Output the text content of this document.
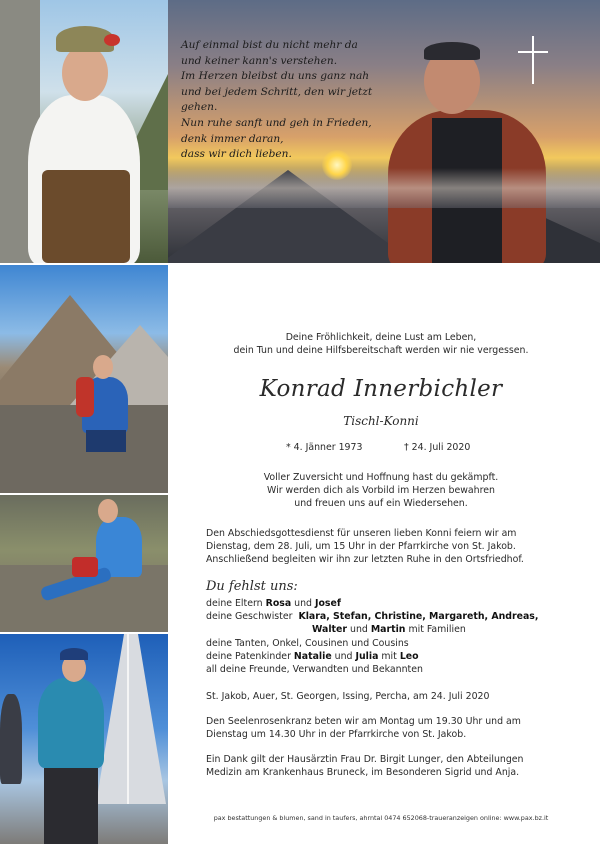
Auf einmal bist du nicht mehr da
und keiner kann's verstehen.
Im Herzen bleibst du uns ganz nah
und bei jedem Schritt, den wir jetzt gehen.
Nun ruhe sanft und geh in Frieden,
denk immer daran,
dass wir dich lieben.
Deine Fröhlichkeit, deine Lust am Leben,
dein Tun und deine Hilfsbereitschaft werden wir nie vergessen.
Konrad Innerbichler
Tischl-Konni
* 4. Jänner 1973	† 24. Juli 2020
Voller Zuversicht und Hoffnung hast du gekämpft.
Wir werden dich als Vorbild im Herzen bewahren
und freuen uns auf ein Wiedersehen.
Den Abschiedsgottesdienst für unseren lieben Konni feiern wir am
Dienstag, dem 28. Juli, um 15 Uhr in der Pfarrkirche von St. Jakob.
Anschließend begleiten wir ihn zur letzten Ruhe in den Ortsfriedhof.
Du fehlst uns:
deine Eltern Rosa und Josef
deine Geschwister Klara, Stefan, Christine, Margareth, Andreas,
Walter und Martin mit Familien
deine Tanten, Onkel, Cousinen und Cousins
deine Patenkinder Natalie und Julia mit Leo
all deine Freunde, Verwandten und Bekannten
St. Jakob, Auer, St. Georgen, Issing, Percha, am 24. Juli 2020
Den Seelenrosenkranz beten wir am Montag um 19.30 Uhr und am
Dienstag um 14.30 Uhr in der Pfarrkirche von St. Jakob.
Ein Dank gilt der Hausärztin Frau Dr. Birgit Lunger, den Abteilungen
Medizin am Krankenhaus Bruneck, im Besonderen Sigrid und Anja.
pax bestattungen & blumen, sand in taufers, ahrntal 0474 652068-traueranzeigen online: www.pax.bz.it
